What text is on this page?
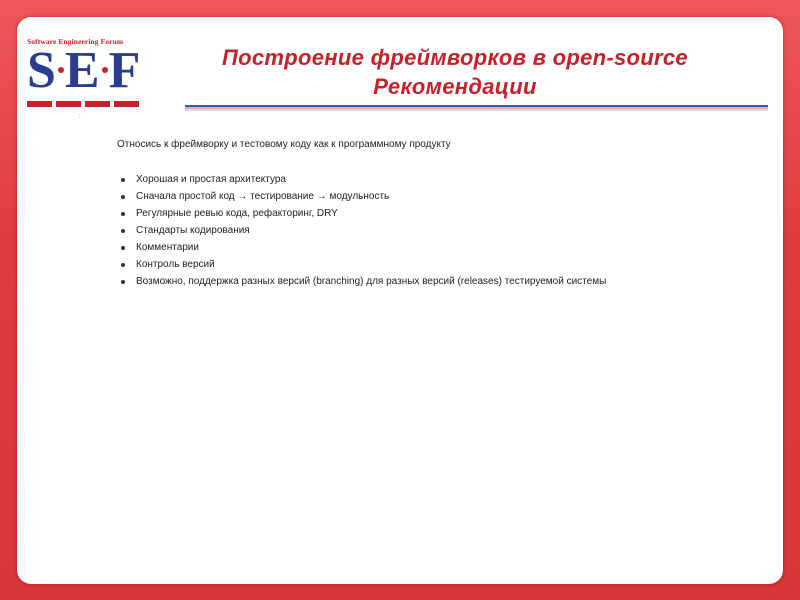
Software Engineering Forum
S E F
:
Построение фреймворков в open-source
Рекомендации
Относись к фреймворку и тестовому коду как к программному продукту
Хорошая и простая архитектура
Сначала простой код → тестирование → модульность
Регулярные ревью кода, рефакторинг, DRY
Стандарты кодирования
Комментарии
Контроль версий
Возможно, поддержка разных версий (branching) для разных версий (releases) тестируемой системы
